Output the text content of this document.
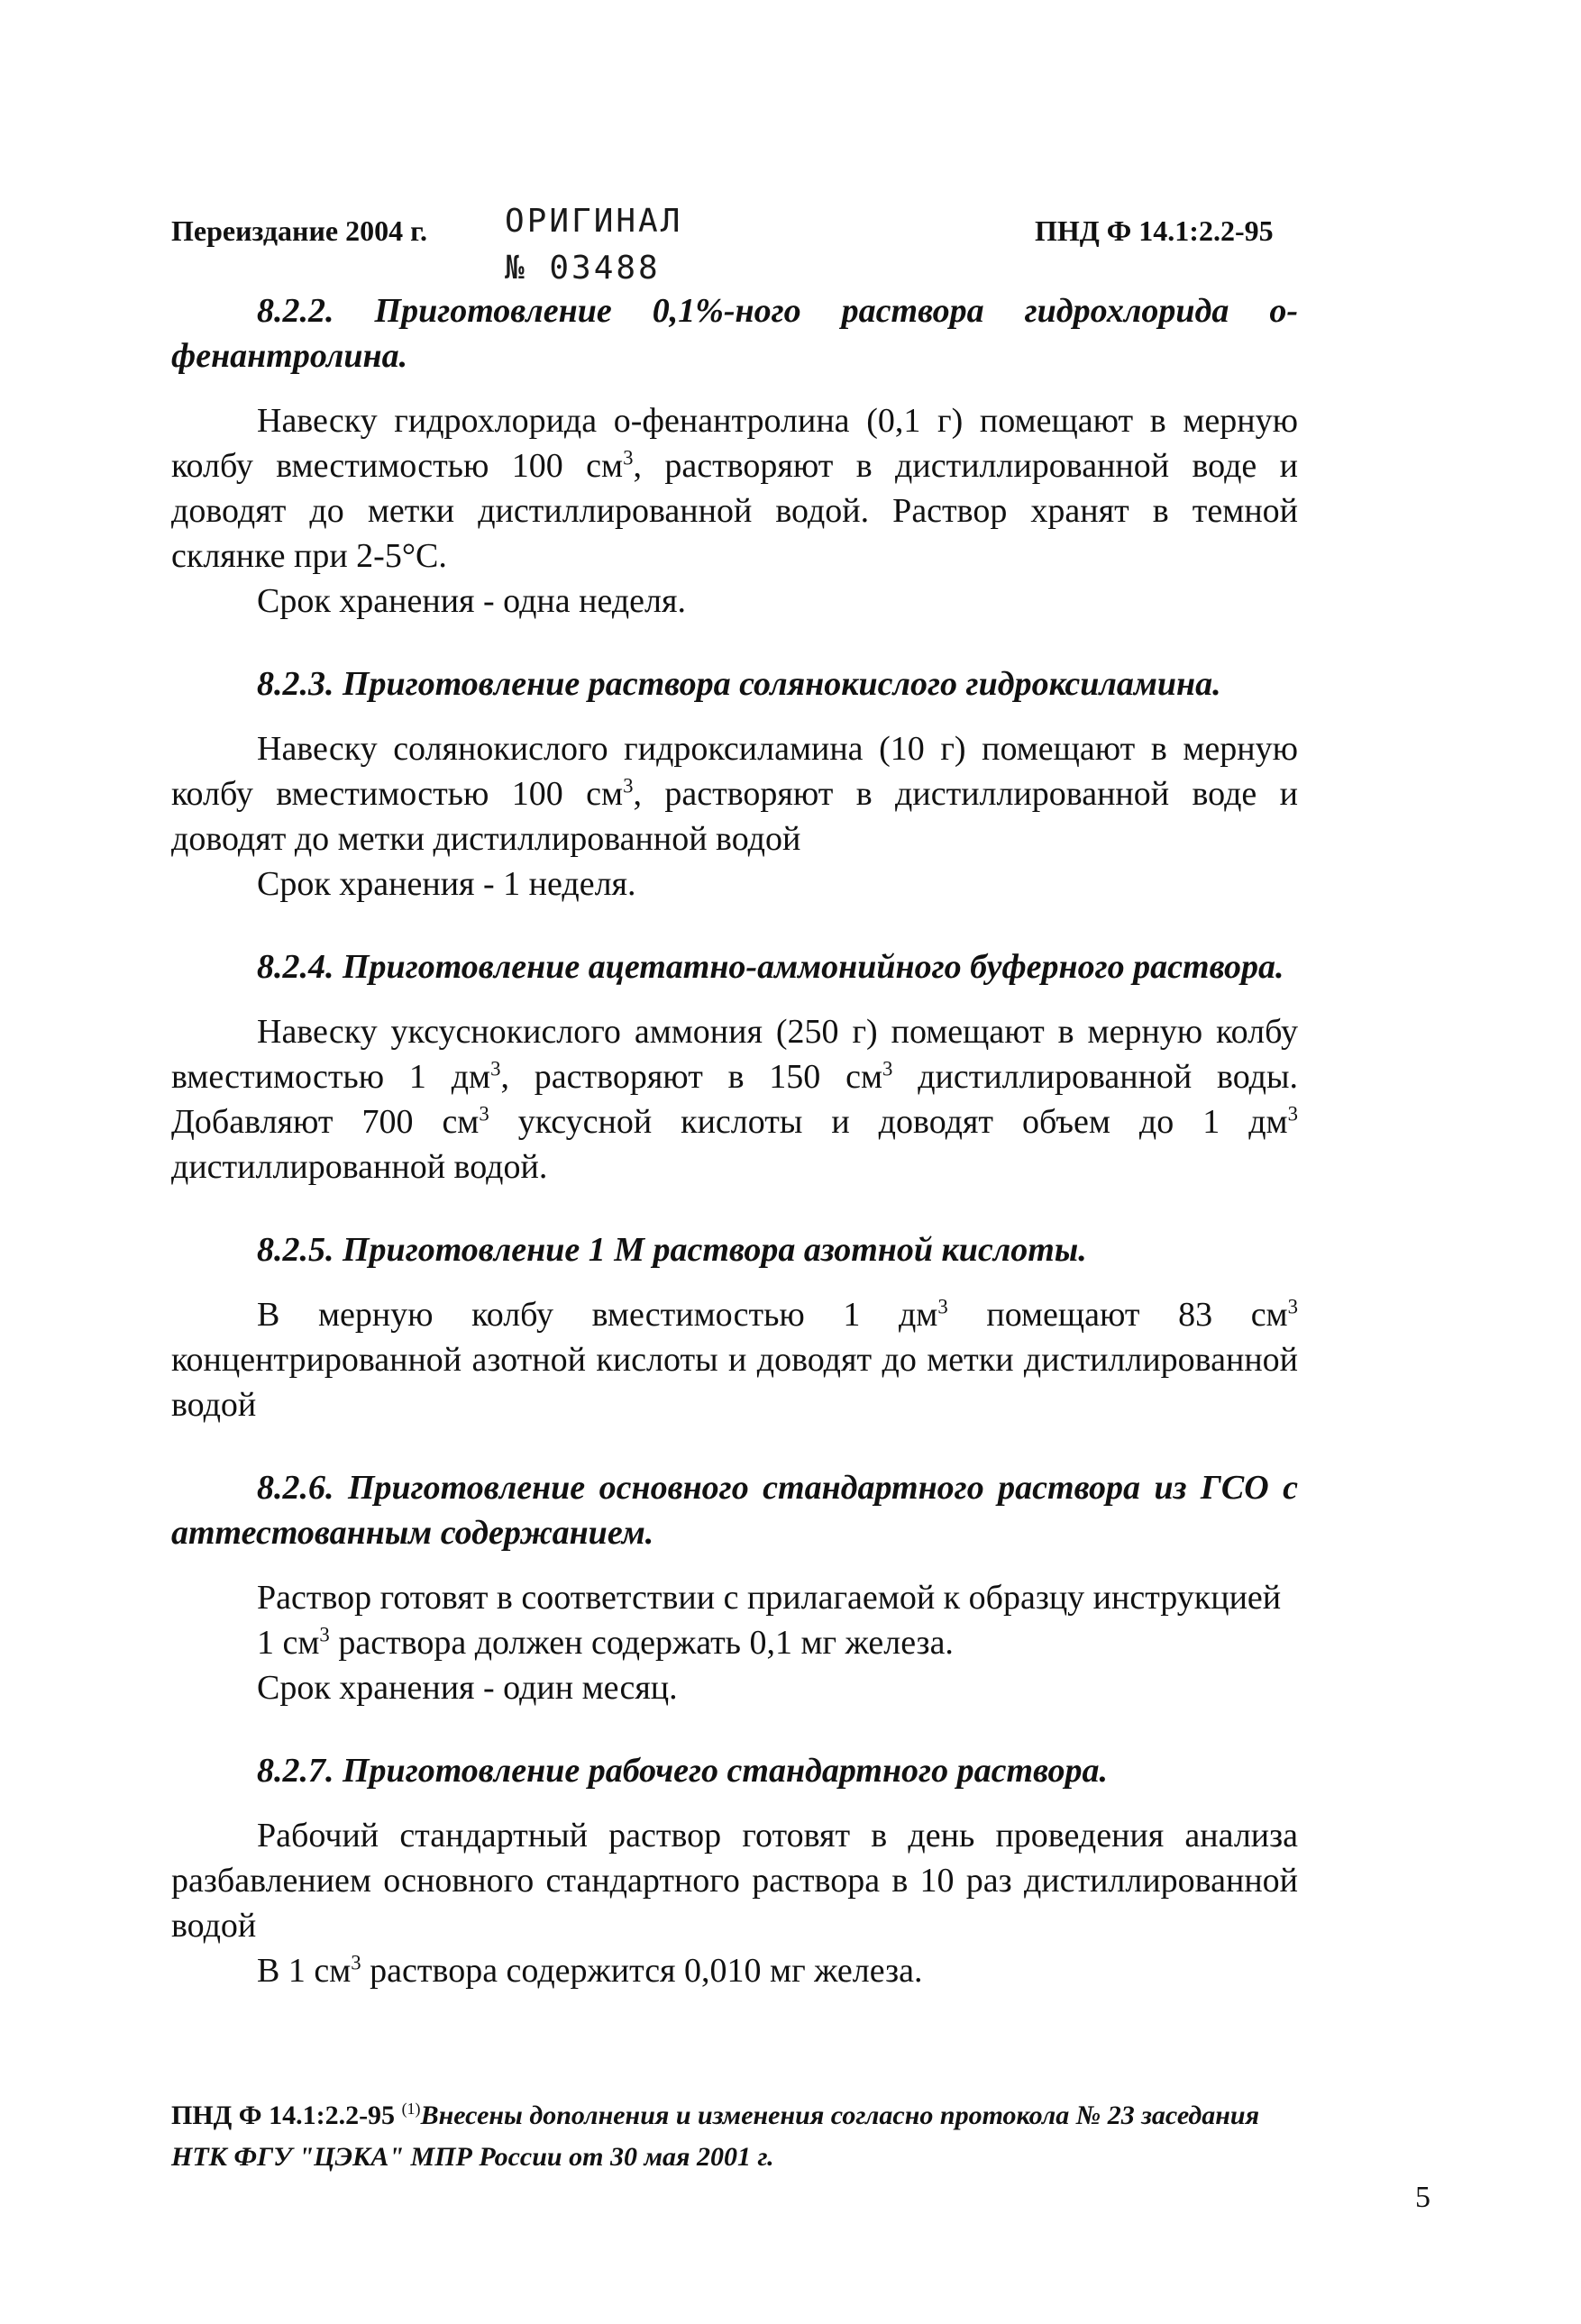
Переиздание 2004 г. ОРИГИНАЛ
№ 03488
ПНД Ф 14.1:2.2-95

8.2.2. Приготовление 0,1%-ного раствора гидрохлорида о-фенантролина.

Навеску гидрохлорида о-фенантролина (0,1 г) помещают в мерную колбу вместимостью 100 $см^3$, растворяют в дистиллированной воде и доводят до метки дистиллированной водой. Раствор хранят в темной склянке при 2-5°С.

Срок хранения - одна неделя.

8.2.3. Приготовление раствора солянокислого гидроксиламина.

Навеску солянокислого гидроксиламина (10 г) помещают в мерную колбу вместимостью 100 $см^3$, растворяют в дистиллированной воде и доводят до метки дистиллированной водой

Срок хранения - 1 неделя.

8.2.4. Приготовление ацетатно-аммонийного буферного раствора.

Навеску уксуснокислого аммония (250 г) помещают в мерную колбу вместимостью 1 $дм^3$, растворяют в 150 $см^3$ дистиллированной воды. Добавляют 700 $см^3$ уксусной кислоты и доводят объем до 1 $дм^3$ дистиллированной водой.

8.2.5. Приготовление 1 М раствора азотной кислоты.

В мерную колбу вместимостью 1 $дм^3$ помещают 83 $см^3$ концентрированной азотной кислоты и доводят до метки дистиллированной водой

8.2.6. Приготовление основного стандартного раствора из ГСО с аттестованным содержанием.

Раствор готовят в соответствии с прилагаемой к образцу инструкцией

1 $см^3$ раствора должен содержать 0,1 мг железа.

Срок хранения - один месяц.

8.2.7. Приготовление рабочего стандартного раствора.

Рабочий стандартный раствор готовят в день проведения анализа разбавлением основного стандартного раствора в 10 раз дистиллированной водой

В 1 $см^3$ раствора содержится 0,010 мг железа.

ПНД Ф 14.1:2.2-95 $^{(1)}$Внесены дополнения и изменения согласно протокола № 23 заседания НТК ФГУ "ЦЭКА" МПР России от 30 мая 2001 г.
5
